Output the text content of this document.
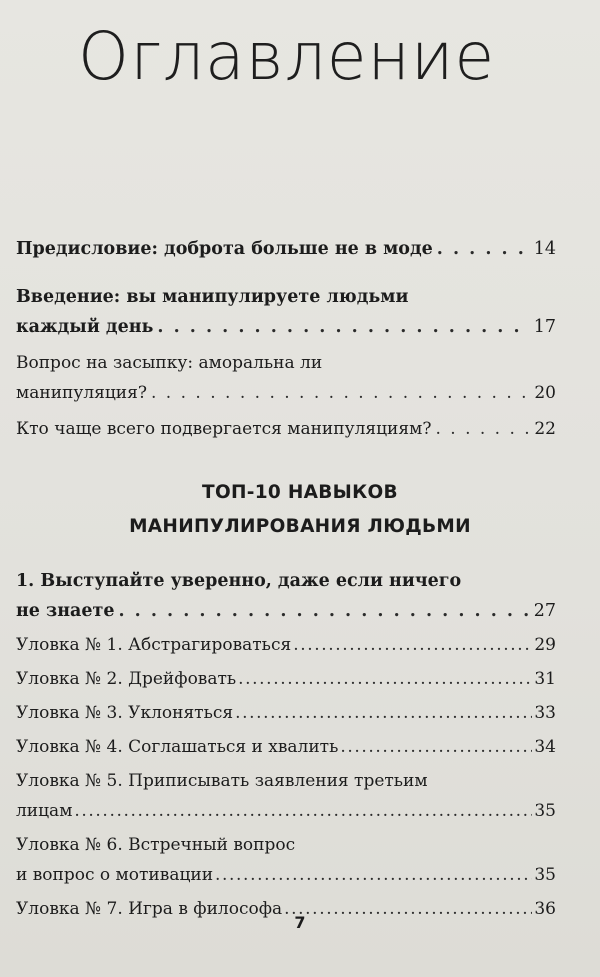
Оглавление
Предисловие: доброта больше не в моде . . .	14
Введение: вы манипулируете людьми
каждый день . . .	17
Вопрос на засыпку: аморальна ли
манипуляция? . . .	20
Кто чаще всего подвергается манипуляциям? . . .	22
ТОП-10 НАВЫКОВ
МАНИПУЛИРОВАНИЯ ЛЮДЬМИ
1. Выступайте уверенно, даже если ничего
не знаете . . .	27
Уловка № 1. Абстрагироваться .....	29
Уловка № 2. Дрейфовать .....	31
Уловка № 3. Уклоняться .....	33
Уловка № 4. Соглашаться и хвалить .....	34
Уловка № 5. Приписывать заявления третьим
лицам .....	35
Уловка № 6. Встречный вопрос
и вопрос о мотивации .....	35
Уловка № 7. Игра в философа .....	36
7
